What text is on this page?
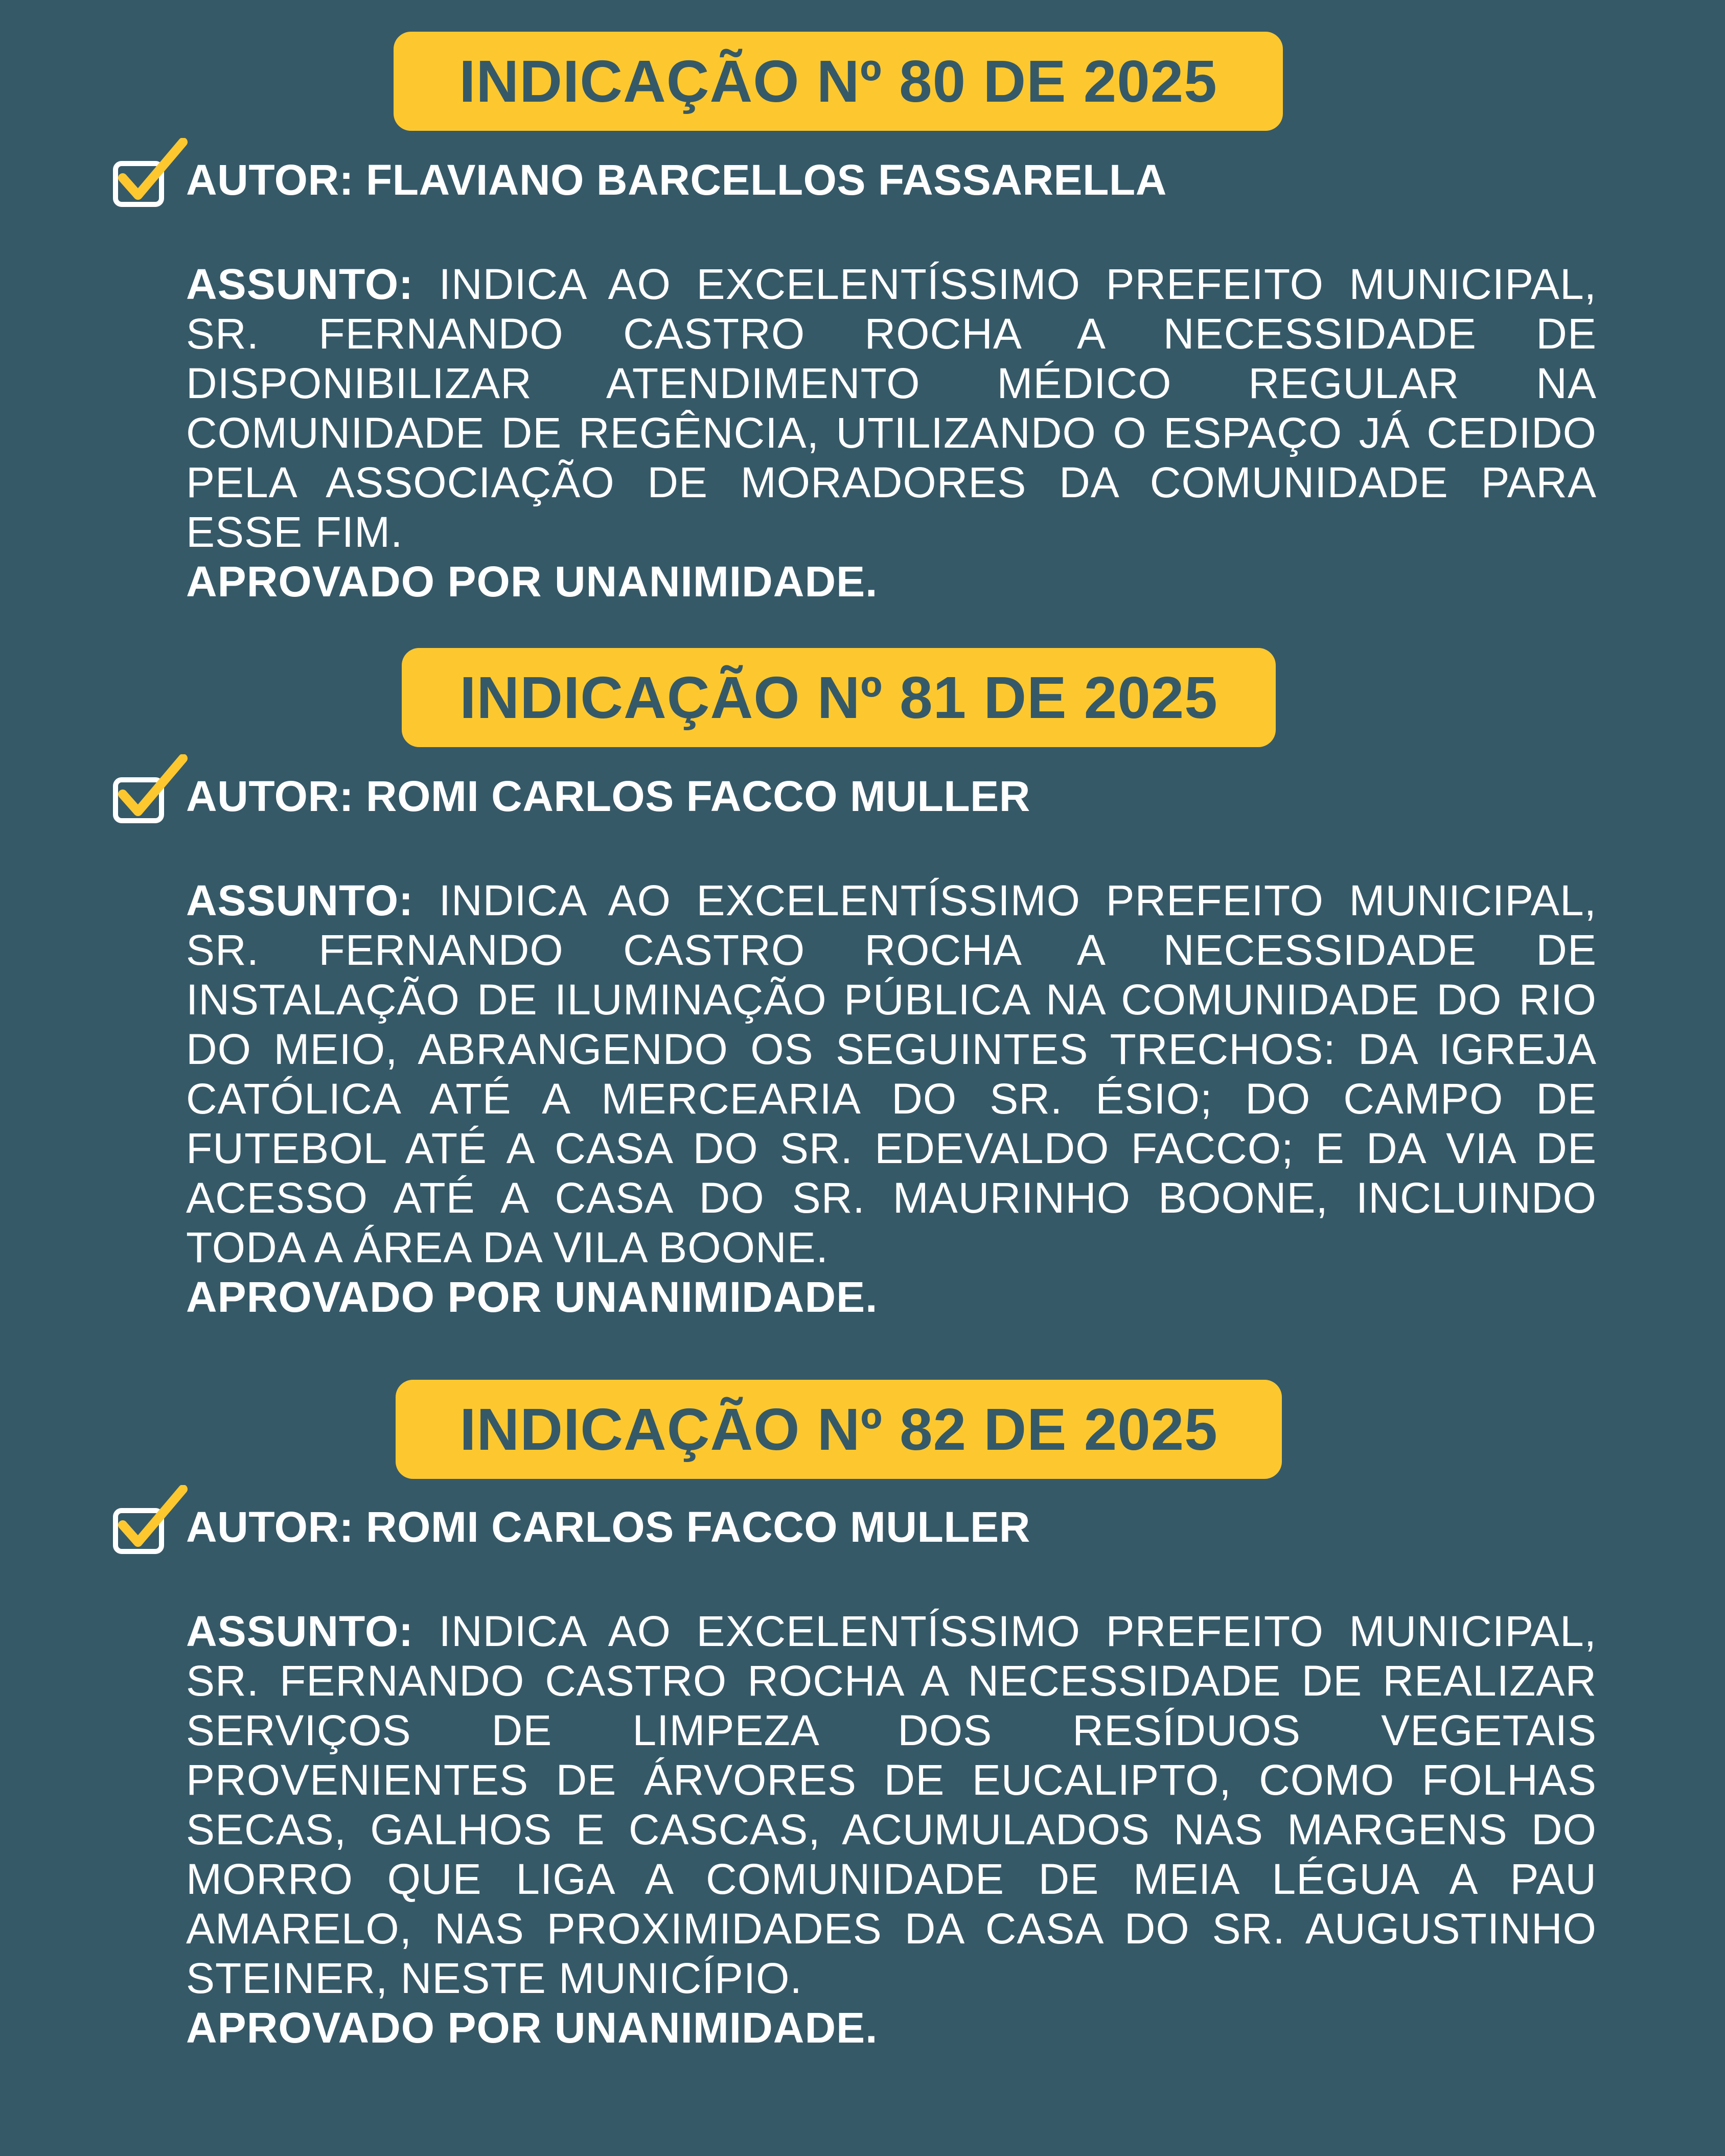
INDICAÇÃO Nº 80 DE 2025
AUTOR: FLAVIANO BARCELLOS FASSARELLA
ASSUNTO: INDICA AO EXCELENTÍSSIMO PREFEITO MUNICIPAL, SR. FERNANDO CASTRO ROCHA A NECESSIDADE DE DISPONIBILIZAR ATENDIMENTO MÉDICO REGULAR NA COMUNIDADE DE REGÊNCIA, UTILIZANDO O ESPAÇO JÁ CEDIDO PELA ASSOCIAÇÃO DE MORADORES DA COMUNIDADE PARA ESSE FIM.
APROVADO POR UNANIMIDADE.
INDICAÇÃO Nº 81 DE 2025
AUTOR: ROMI CARLOS FACCO MULLER
ASSUNTO: INDICA AO EXCELENTÍSSIMO PREFEITO MUNICIPAL, SR. FERNANDO CASTRO ROCHA A NECESSIDADE DE INSTALAÇÃO DE ILUMINAÇÃO PÚBLICA NA COMUNIDADE DO RIO DO MEIO, ABRANGENDO OS SEGUINTES TRECHOS: DA IGREJA CATÓLICA ATÉ A MERCEARIA DO SR. ÉSIO; DO CAMPO DE FUTEBOL ATÉ A CASA DO SR. EDEVALDO FACCO; E DA VIA DE ACESSO ATÉ A CASA DO SR. MAURINHO BOONE, INCLUINDO TODA A ÁREA DA VILA BOONE.
APROVADO POR UNANIMIDADE.
INDICAÇÃO Nº 82 DE 2025
AUTOR: ROMI CARLOS FACCO MULLER
ASSUNTO: INDICA AO EXCELENTÍSSIMO PREFEITO MUNICIPAL, SR. FERNANDO CASTRO ROCHA A NECESSIDADE DE REALIZAR SERVIÇOS DE LIMPEZA DOS RESÍDUOS VEGETAIS PROVENIENTES DE ÁRVORES DE EUCALIPTO, COMO FOLHAS SECAS, GALHOS E CASCAS, ACUMULADOS NAS MARGENS DO MORRO QUE LIGA A COMUNIDADE DE MEIA LÉGUA A PAU AMARELO, NAS PROXIMIDADES DA CASA DO SR. AUGUSTINHO STEINER, NESTE MUNICÍPIO.
APROVADO POR UNANIMIDADE.
